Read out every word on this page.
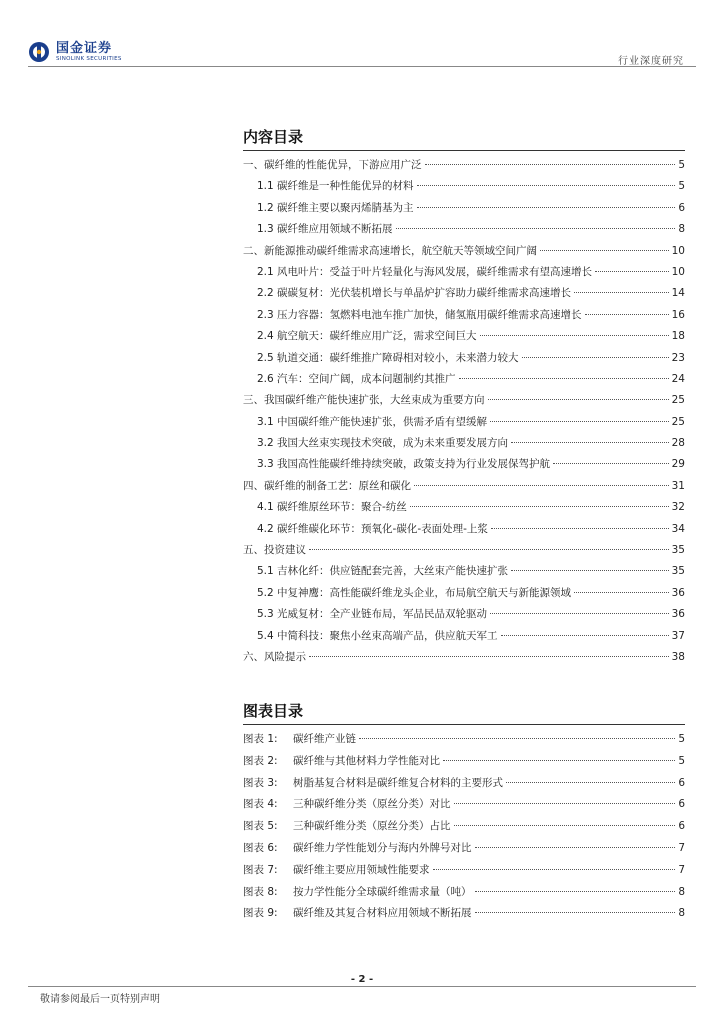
国金证券
SINOLINK SECURITIES	行业深度研究
内容目录
一、碳纤维的性能优异，下游应用广泛	5
1.1 碳纤维是一种性能优异的材料	5
1.2 碳纤维主要以聚丙烯腈基为主	6
1.3 碳纤维应用领域不断拓展	8
二、新能源推动碳纤维需求高速增长，航空航天等领域空间广阔	10
2.1 风电叶片：受益于叶片轻量化与海风发展，碳纤维需求有望高速增长	10
2.2 碳碳复材：光伏装机增长与单晶炉扩容助力碳纤维需求高速增长	14
2.3 压力容器：氢燃料电池车推广加快，储氢瓶用碳纤维需求高速增长	16
2.4 航空航天：碳纤维应用广泛，需求空间巨大	18
2.5 轨道交通：碳纤维推广障碍相对较小，未来潜力较大	23
2.6 汽车：空间广阔，成本问题制约其推广	24
三、我国碳纤维产能快速扩张，大丝束成为重要方向	25
3.1 中国碳纤维产能快速扩张，供需矛盾有望缓解	25
3.2 我国大丝束实现技术突破，成为未来重要发展方向	28
3.3 我国高性能碳纤维持续突破，政策支持为行业发展保驾护航	29
四、碳纤维的制备工艺：原丝和碳化	31
4.1 碳纤维原丝环节：聚合-纺丝	32
4.2 碳纤维碳化环节：预氧化-碳化-表面处理-上浆	34
五、投资建议	35
5.1 吉林化纤：供应链配套完善，大丝束产能快速扩张	35
5.2 中复神鹰：高性能碳纤维龙头企业，布局航空航天与新能源领域	36
5.3 光威复材：全产业链布局，军品民品双轮驱动	36
5.4 中简科技：聚焦小丝束高端产品，供应航天军工	37
六、风险提示	38
图表目录
图表 1:	碳纤维产业链	5
图表 2:	碳纤维与其他材料力学性能对比	5
图表 3:	树脂基复合材料是碳纤维复合材料的主要形式	6
图表 4:	三种碳纤维分类（原丝分类）对比	6
图表 5:	三种碳纤维分类（原丝分类）占比	6
图表 6:	碳纤维力学性能划分与海内外牌号对比	7
图表 7:	碳纤维主要应用领域性能要求	7
图表 8:	按力学性能分全球碳纤维需求量（吨）	8
图表 9:	碳纤维及其复合材料应用领域不断拓展	8
- 2 -
敬请参阅最后一页特别声明
